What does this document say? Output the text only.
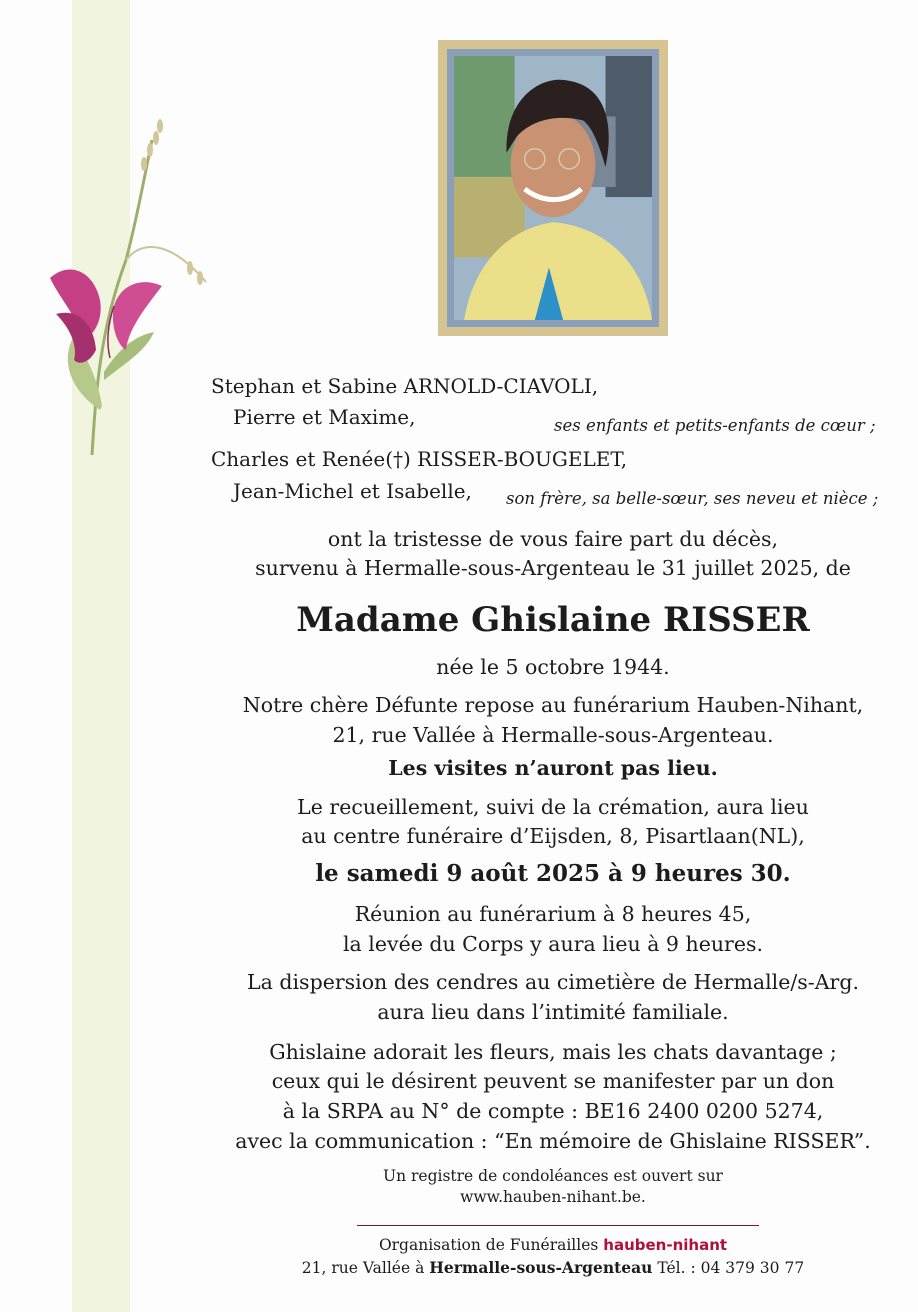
Stephan et Sabine ARNOLD-CIAVOLI,
Pierre et Maxime,	ses enfants et petits-enfants de cœur ;
Charles et Renée(†) RISSER-BOUGELET,
Jean-Michel et Isabelle, son frère, sa belle-sœur, ses neveu et nièce ;
ont la tristesse de vous faire part du décès,
survenu à Hermalle-sous-Argenteau le 31 juillet 2025, de
Madame Ghislaine RISSER
née le 5 octobre 1944.
Notre chère Défunte repose au funérarium Hauben-Nihant,
21, rue Vallée à Hermalle-sous-Argenteau.
Les visites n’auront pas lieu.
Le recueillement, suivi de la crémation, aura lieu
au centre funéraire d’Eijsden, 8, Pisartlaan(NL),
le samedi 9 août 2025 à 9 heures 30.
Réunion au funérarium à 8 heures 45,
la levée du Corps y aura lieu à 9 heures.
La dispersion des cendres au cimetière de Hermalle/s-Arg.
aura lieu dans l’intimité familiale.
Ghislaine adorait les fleurs, mais les chats davantage ;
ceux qui le désirent peuvent se manifester par un don
à la SRPA au N° de compte : BE16 2400 0200 5274,
avec la communication : “En mémoire de Ghislaine RISSER”.
Un registre de condoléances est ouvert sur
www.hauben-nihant.be.
Organisation de Funérailles hauben-nihant
21, rue Vallée à Hermalle-sous-Argenteau Tél. : 04 379 30 77
